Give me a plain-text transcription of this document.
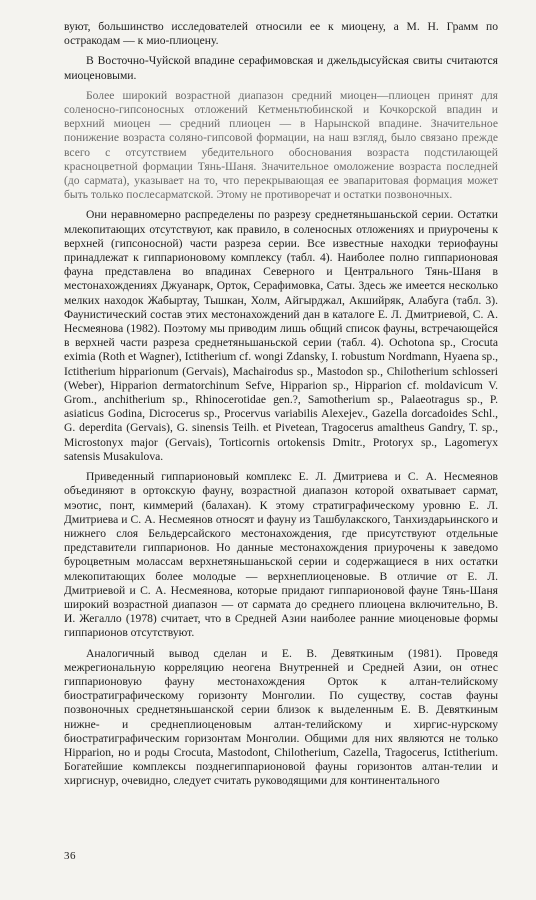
вуют, большинство исследователей относили ее к миоцену, а М. Н. Грамм по остракодам — к мио-плиоцену.

В Восточно-Чуйской впадине серафимовская и джельдысуйская свиты считаются миоценовыми.

Более широкий возрастной диапазон средний миоцен—плиоцен принят для соленосно-гипсоносных отложений Кетменьтюбинской и Кочкорской впадин и верхний миоцен — средний плиоцен — в Нарынской впадине. Значительное понижение возраста соляно-гипсовой формации, на наш взгляд, было связано прежде всего с отсутствием убедительного обоснования возраста подстилающей красноцветной формации Тянь-Шаня. Значительное омоложение возраста последней (до сармата), указывает на то, что перекрывающая ее эвапаритовая формация может быть только послесарматской. Этому не противоречат и остатки позвоночных.

Они неравномерно распределены по разрезу среднетяньшаньской серии. Остатки млекопитающих отсутствуют, как правило, в соленосных отложениях и приурочены к верхней (гипсоносной) части разреза серии. Все известные находки териофауны принадлежат к гиппарионовому комплексу (табл. 4). Наиболее полно гиппарионовая фауна представлена во впадинах Северного и Центрального Тянь-Шаня в местонахождениях Джуанарк, Орток, Серафимовка, Саты. Здесь же имеется несколько мелких находок Жабыртау, Тышкан, Холм, Айгырджал, Акшийряк, Алабуга (табл. 3). Фаунистический состав этих местонахождений дан в каталоге Е. Л. Дмитриевой, С. А. Несмеянова (1982). Поэтому мы приводим лишь общий список фауны, встречающейся в верхней части разреза среднетяньшаньской серии (табл. 4). Ochotona sp., Crocuta eximia (Roth et Wagner), Ictitherium cf. wongi Zdansky, I. robustum Nordmann, Hyaena sp., Ictitherium hipparionum (Gervais), Machairodus sp., Mastodon sp., Chilotherium schlosseri (Weber), Hipparion dermatorchinum Sefve, Hipparion sp., Hipparion cf. moldavicum V. Grom., anchitherium sp., Rhinocerotidae gen.?, Samotherium sp., Palaeotragus sp., P. asiaticus Godina, Dicrocerus sp., Procervus variabilis Alexejev., Gazella dorcadoides Schl., G. deperdita (Gervais), G. sinensis Teilh. et Pivetean, Tragocerus amaltheus Gandry, T. sp., Microstonyx major (Gervais), Torticornis ortokensis Dmitr., Protoryx sp., Lagomeryx satensis Musakulova.

Приведенный гиппарионовый комплекс Е. Л. Дмитриева и С. А. Несмеянов объединяют в ортокскую фауну, возрастной диапазон которой охватывает сармат, мэотис, понт, киммерий (балахан). К этому стратиграфическому уровню Е. Л. Дмитриева и С. А. Несмеянов относят и фауну из Ташбулакского, Танхиздарьинского и нижнего слоя Бельдерсайского местонахождения, где присутствуют отдельные представители гиппарионов. Но данные местонахождения приурочены к заведомо буроцветным молассам верхнетяньшаньской серии и содержащиеся в них остатки млекопитающих более молодые — верхнеплиоценовые. В отличие от Е. Л. Дмитриевой и С. А. Несмеянова, которые придают гиппарионовой фауне Тянь-Шаня широкий возрастной диапазон — от сармата до среднего плиоцена включительно, В. И. Жегалло (1978) считает, что в Средней Азии наиболее ранние миоценовые формы гиппарионов отсутствуют.

Аналогичный вывод сделан и Е. В. Девяткиным (1981). Проведя межрегиональную корреляцию неогена Внутренней и Средней Азии, он отнес гиппарионовую фауну местонахождения Орток к алтан-телийскому биостратиграфическому горизонту Монголии. По существу, состав фауны позвоночных среднетяньшанской серии близок к выделенным Е. В. Девяткиным нижне- и среднеплиоценовым алтан-телийскому и хиргис-нурскому биостратиграфическим горизонтам Монголии. Общими для них являются не только Hipparion, но и роды Crocuta, Mastodont, Chilotherium, Cazella, Tragocerus, Ictitherium. Богатейшие комплексы позднегиппарионовой фауны горизонтов алтан-телии и хиргиснур, очевидно, следует считать руководящими для континентального

36
